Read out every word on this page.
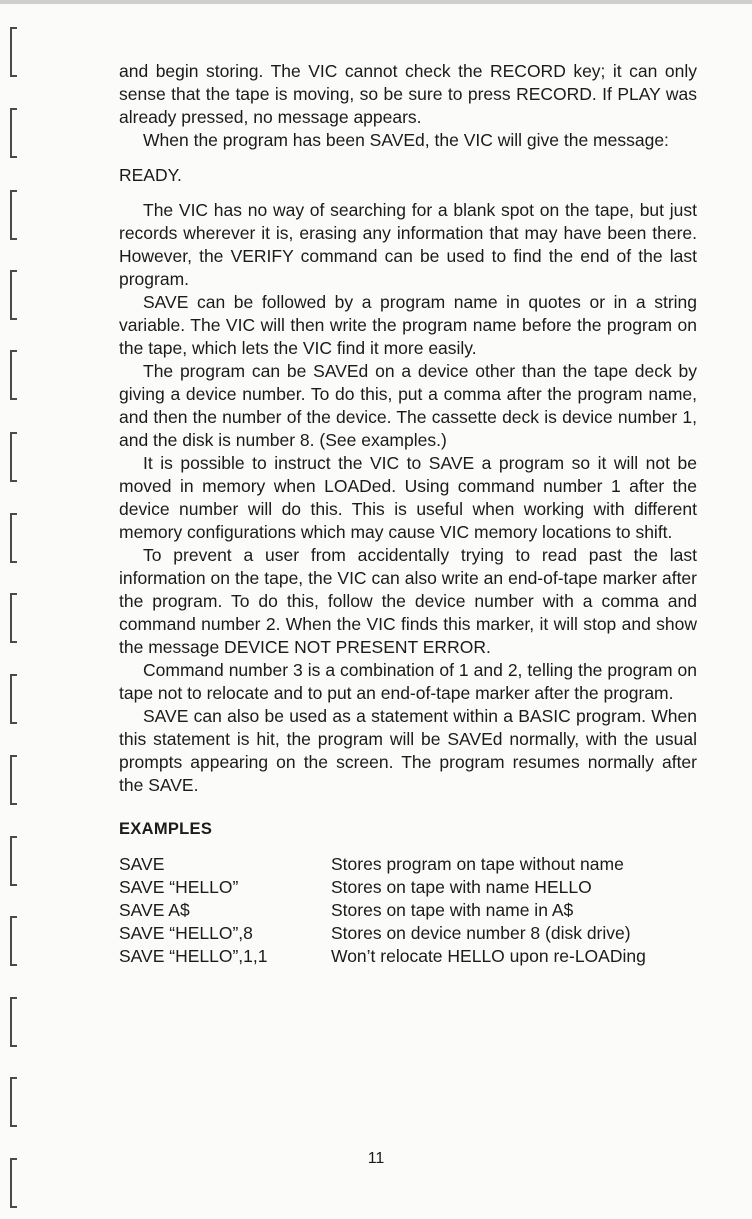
and begin storing. The VIC cannot check the RECORD key; it can only sense that the tape is moving, so be sure to press RECORD. If PLAY was already pressed, no message appears.

When the program has been SAVEd, the VIC will give the message:

READY.

The VIC has no way of searching for a blank spot on the tape, but just records wherever it is, erasing any information that may have been there. However, the VERIFY command can be used to find the end of the last program.

SAVE can be followed by a program name in quotes or in a string variable. The VIC will then write the program name before the program on the tape, which lets the VIC find it more easily.

The program can be SAVEd on a device other than the tape deck by giving a device number. To do this, put a comma after the program name, and then the number of the device. The cassette deck is device number 1, and the disk is number 8. (See examples.)

It is possible to instruct the VIC to SAVE a program so it will not be moved in memory when LOADed. Using command number 1 after the device number will do this. This is useful when working with different memory configurations which may cause VIC memory locations to shift.

To prevent a user from accidentally trying to read past the last information on the tape, the VIC can also write an end-of-tape marker after the program. To do this, follow the device number with a comma and command number 2. When the VIC finds this marker, it will stop and show the message DEVICE NOT PRESENT ERROR.

Command number 3 is a combination of 1 and 2, telling the program on tape not to relocate and to put an end-of-tape marker after the program.

SAVE can also be used as a statement within a BASIC program. When this statement is hit, the program will be SAVEd normally, with the usual prompts appearing on the screen. The program resumes normally after the SAVE.

EXAMPLES
SAVE	Stores program on tape without name
SAVE “HELLO”	Stores on tape with name HELLO
SAVE A$	Stores on tape with name in A$
SAVE “HELLO”,8	Stores on device number 8 (disk drive)
SAVE “HELLO”,1,1	Won’t relocate HELLO upon re-LOADing
11
